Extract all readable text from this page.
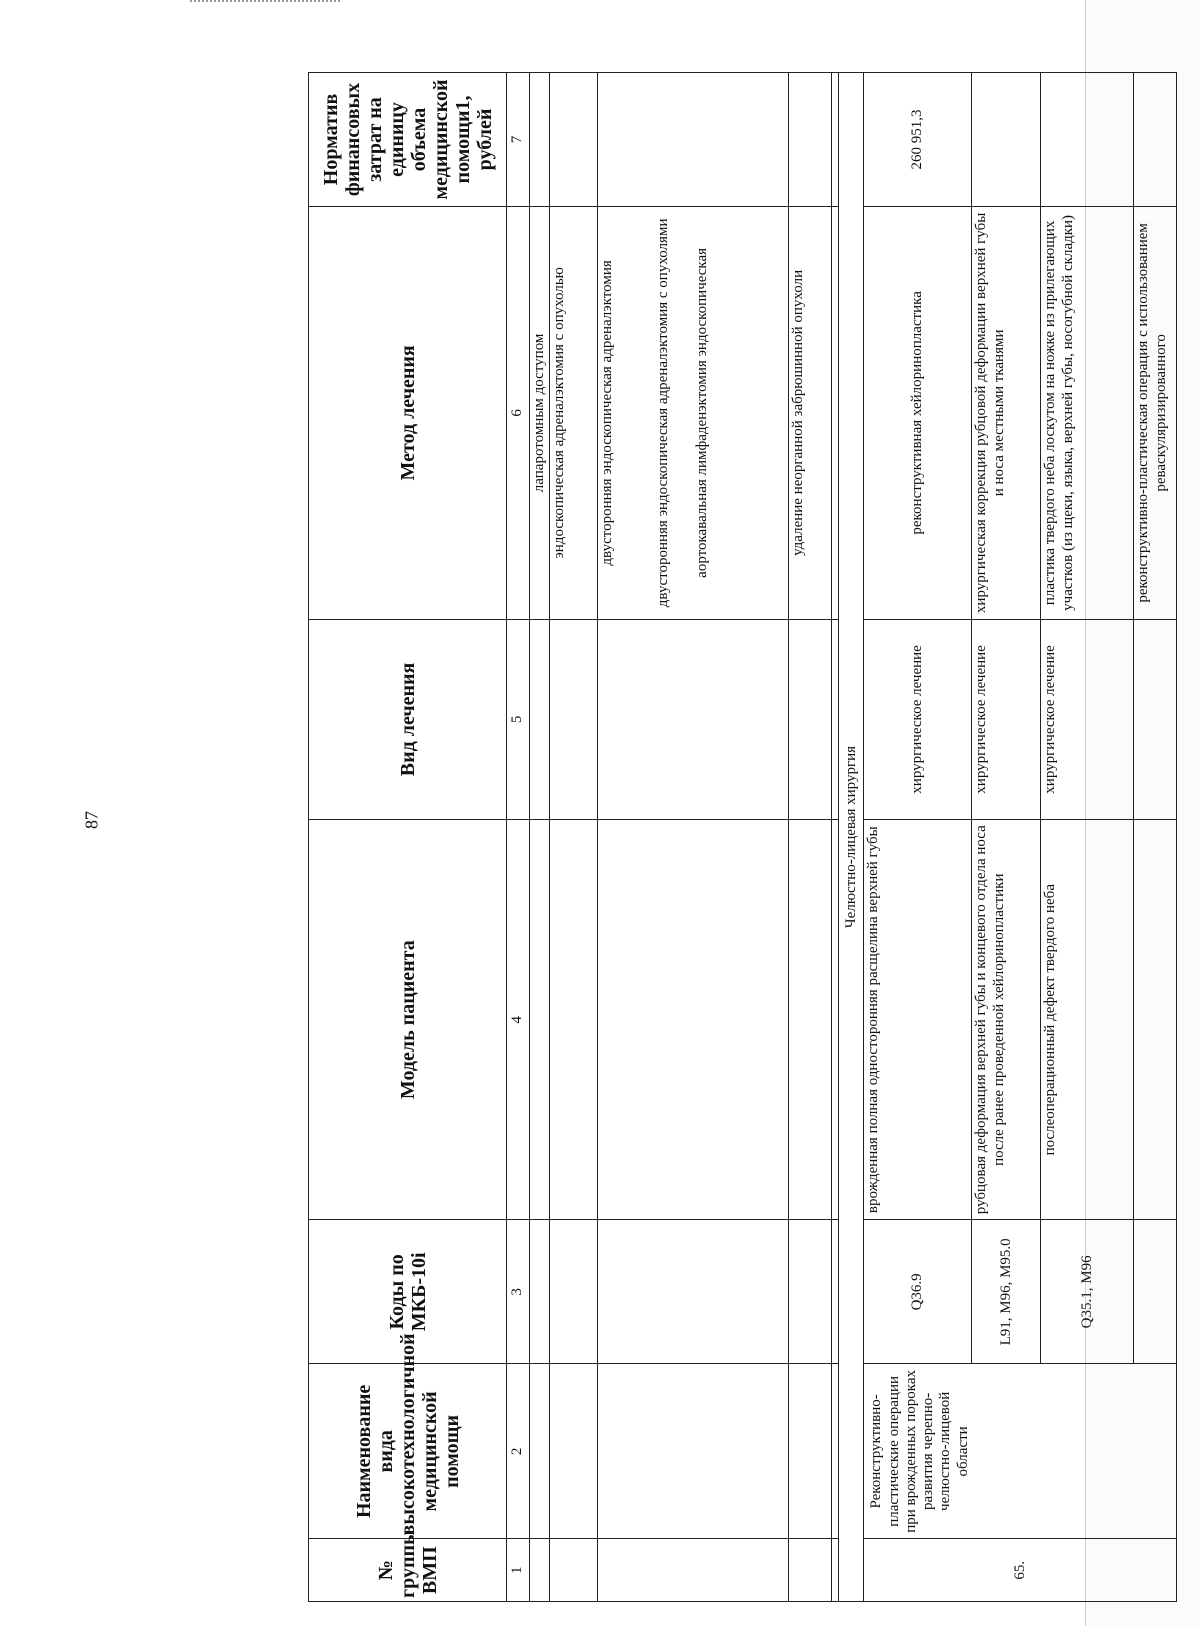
87
№ группы ВМП	Наименование вида высокотехнологичной медицинской помощи	Коды по МКБ-10i	Модель пациента	Вид лечения	Метод лечения	Норматив финансовых затрат на единицу объема медицинской помощи1, рублей
1	2	3	4	5	6	7
					лапаротомным доступом	
					эндоскопическая адреналэктомия с опухолью	

					двусторонняя эндоскопическая адреналэктомия двусторонняя эндоскопическая адреналэктомия с опухолями аортокавальная лимфаденэктомия эндоскопическая	

					удаление неорганной забрюшинной опухоли	

Челюстно-лицевая хирургия						
65.	Реконструктивно-пластические операции при врожденных пороках развития черепно-челюстно-лицевой области	Q36.9	врожденная полная односторонняя расщелина верхней губы	хирургическое лечение	реконструктивная хейлоринопластика	260 951,3
		L91, M96, M95.0	рубцовая деформация верхней губы и концевого отдела носа после ранее проведенной хейлоринопластики	хирургическое лечение	хирургическая коррекция рубцовой деформации верхней губы и носа местными тканями	
		Q35.1, M96	послеоперационный дефект твердого неба	хирургическое лечение	пластика твердого неба лоскутом на ножке из прилегающих участков (из щеки, языка, верхней губы, носогубной складки)	
					реконструктивно-пластическая операция с использованием реваскуляризированного	
